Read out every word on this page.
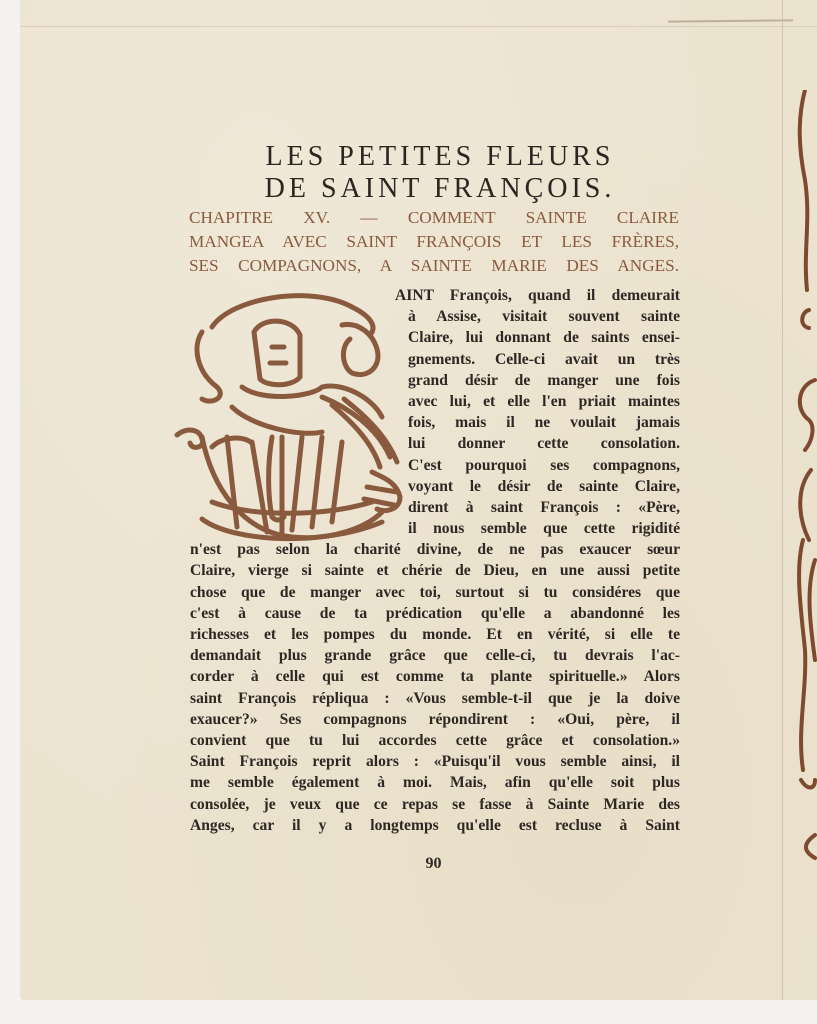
LES PETITES FLEURS
DE SAINT FRANÇOIS.
CHAPITRE XV. — COMMENT SAINTE CLAIRE
MANGEA AVEC SAINT FRANÇOIS ET LES FRÈRES,
SES COMPAGNONS, A SAINTE MARIE DES ANGES.
AINT François, quand il demeurait
à Assise, visitait souvent sainte
Claire, lui donnant de saints ensei-
gnements. Celle-ci avait un très
grand désir de manger une fois
avec lui, et elle l'en priait maintes
fois, mais il ne voulait jamais
lui donner cette consolation.
C'est pourquoi ses compagnons,
voyant le désir de sainte Claire,
dirent à saint François : «Père,
il nous semble que cette rigidité
n'est pas selon la charité divine, de ne pas exaucer sœur
Claire, vierge si sainte et chérie de Dieu, en une aussi petite
chose que de manger avec toi, surtout si tu considéres que
c'est à cause de ta prédication qu'elle a abandonné les
richesses et les pompes du monde. Et en vérité, si elle te
demandait plus grande grâce que celle-ci, tu devrais l'ac-
corder à celle qui est comme ta plante spirituelle.» Alors
saint François répliqua : «Vous semble-t-il que je la doive
exaucer?» Ses compagnons répondirent : «Oui, père, il
convient que tu lui accordes cette grâce et consolation.»
Saint François reprit alors : «Puisqu'il vous semble ainsi, il
me semble également à moi. Mais, afin qu'elle soit plus
consolée, je veux que ce repas se fasse à Sainte Marie des
Anges, car il y a longtemps qu'elle est recluse à Saint
90
